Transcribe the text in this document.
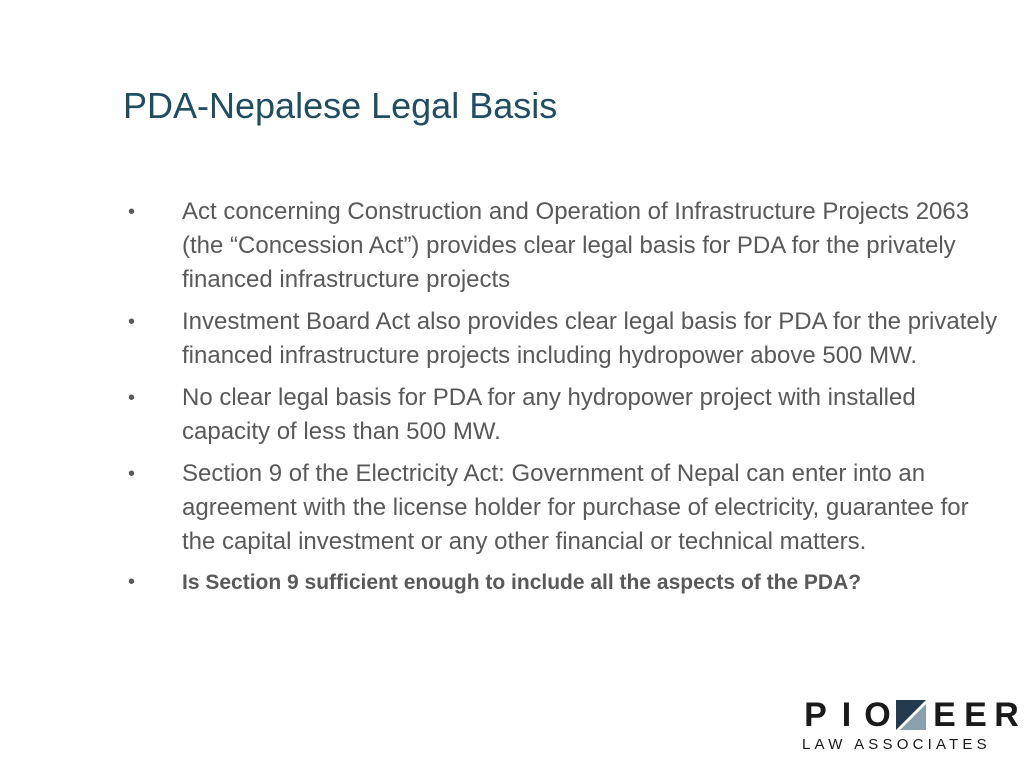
PDA-Nepalese Legal Basis
• Act concerning Construction and Operation of Infrastructure Projects 2063 (the “Concession Act”) provides clear legal basis for PDA for the privately financed infrastructure projects
• Investment Board Act also provides clear legal basis for PDA for the privately financed infrastructure projects including hydropower above 500 MW.
• No clear legal basis for PDA for any hydropower project with installed capacity of less than 500 MW.
• Section 9 of the Electricity Act: Government of Nepal can enter into an agreement with the license holder for purchase of electricity, guarantee for the capital investment or any other financial or technical matters.
• Is Section 9 sufficient enough to include all the aspects of the PDA?
P I O E E R
LAW ASSOCIATES
